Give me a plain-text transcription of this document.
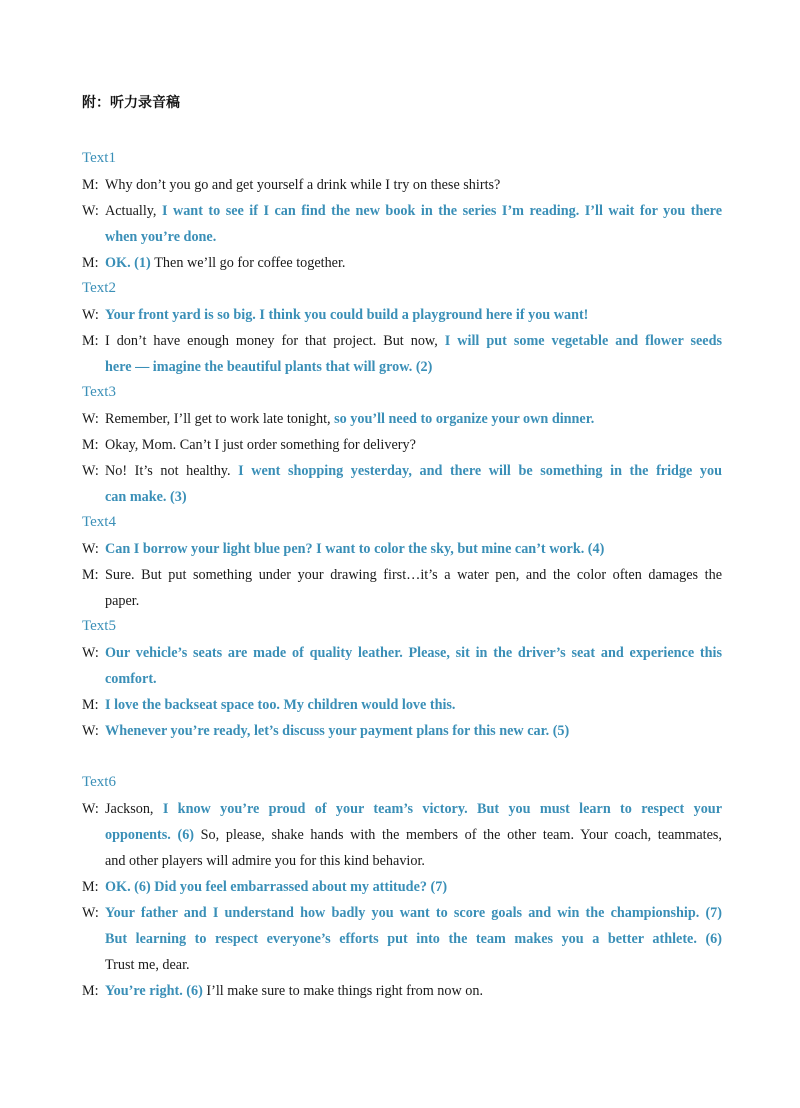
附：听力录音稿
Text1
M: Why don’t you go and get yourself a drink while I try on these shirts?
W: Actually, I want to see if I can find the new book in the series I’m reading. I’ll wait for you there
when you’re done.
M: OK. (1) Then we’ll go for coffee together.
Text2
W: Your front yard is so big. I think you could build a playground here if you want!
M: I don’t have enough money for that project. But now, I will put some vegetable and flower seeds
here — imagine the beautiful plants that will grow. (2)
Text3
W: Remember, I’ll get to work late tonight, so you’ll need to organize your own dinner.
M: Okay, Mom. Can’t I just order something for delivery?
W: No! It’s not healthy. I went shopping yesterday, and there will be something in the fridge you
can make. (3)
Text4
W: Can I borrow your light blue pen? I want to color the sky, but mine can’t work. (4)
M: Sure. But put something under your drawing first…it’s a water pen, and the color often damages the
paper.
Text5
W: Our vehicle’s seats are made of quality leather. Please, sit in the driver’s seat and experience this
comfort.
M: I love the backseat space too. My children would love this.
W: Whenever you’re ready, let’s discuss your payment plans for this new car. (5)
Text6
W: Jackson, I know you’re proud of your team’s victory. But you must learn to respect your
opponents. (6) So, please, shake hands with the members of the other team. Your coach, teammates,
and other players will admire you for this kind behavior.
M: OK. (6) Did you feel embarrassed about my attitude? (7)
W: Your father and I understand how badly you want to score goals and win the championship. (7)
But learning to respect everyone’s efforts put into the team makes you a better athlete. (6)
Trust me, dear.
M: You’re right. (6) I’ll make sure to make things right from now on.
